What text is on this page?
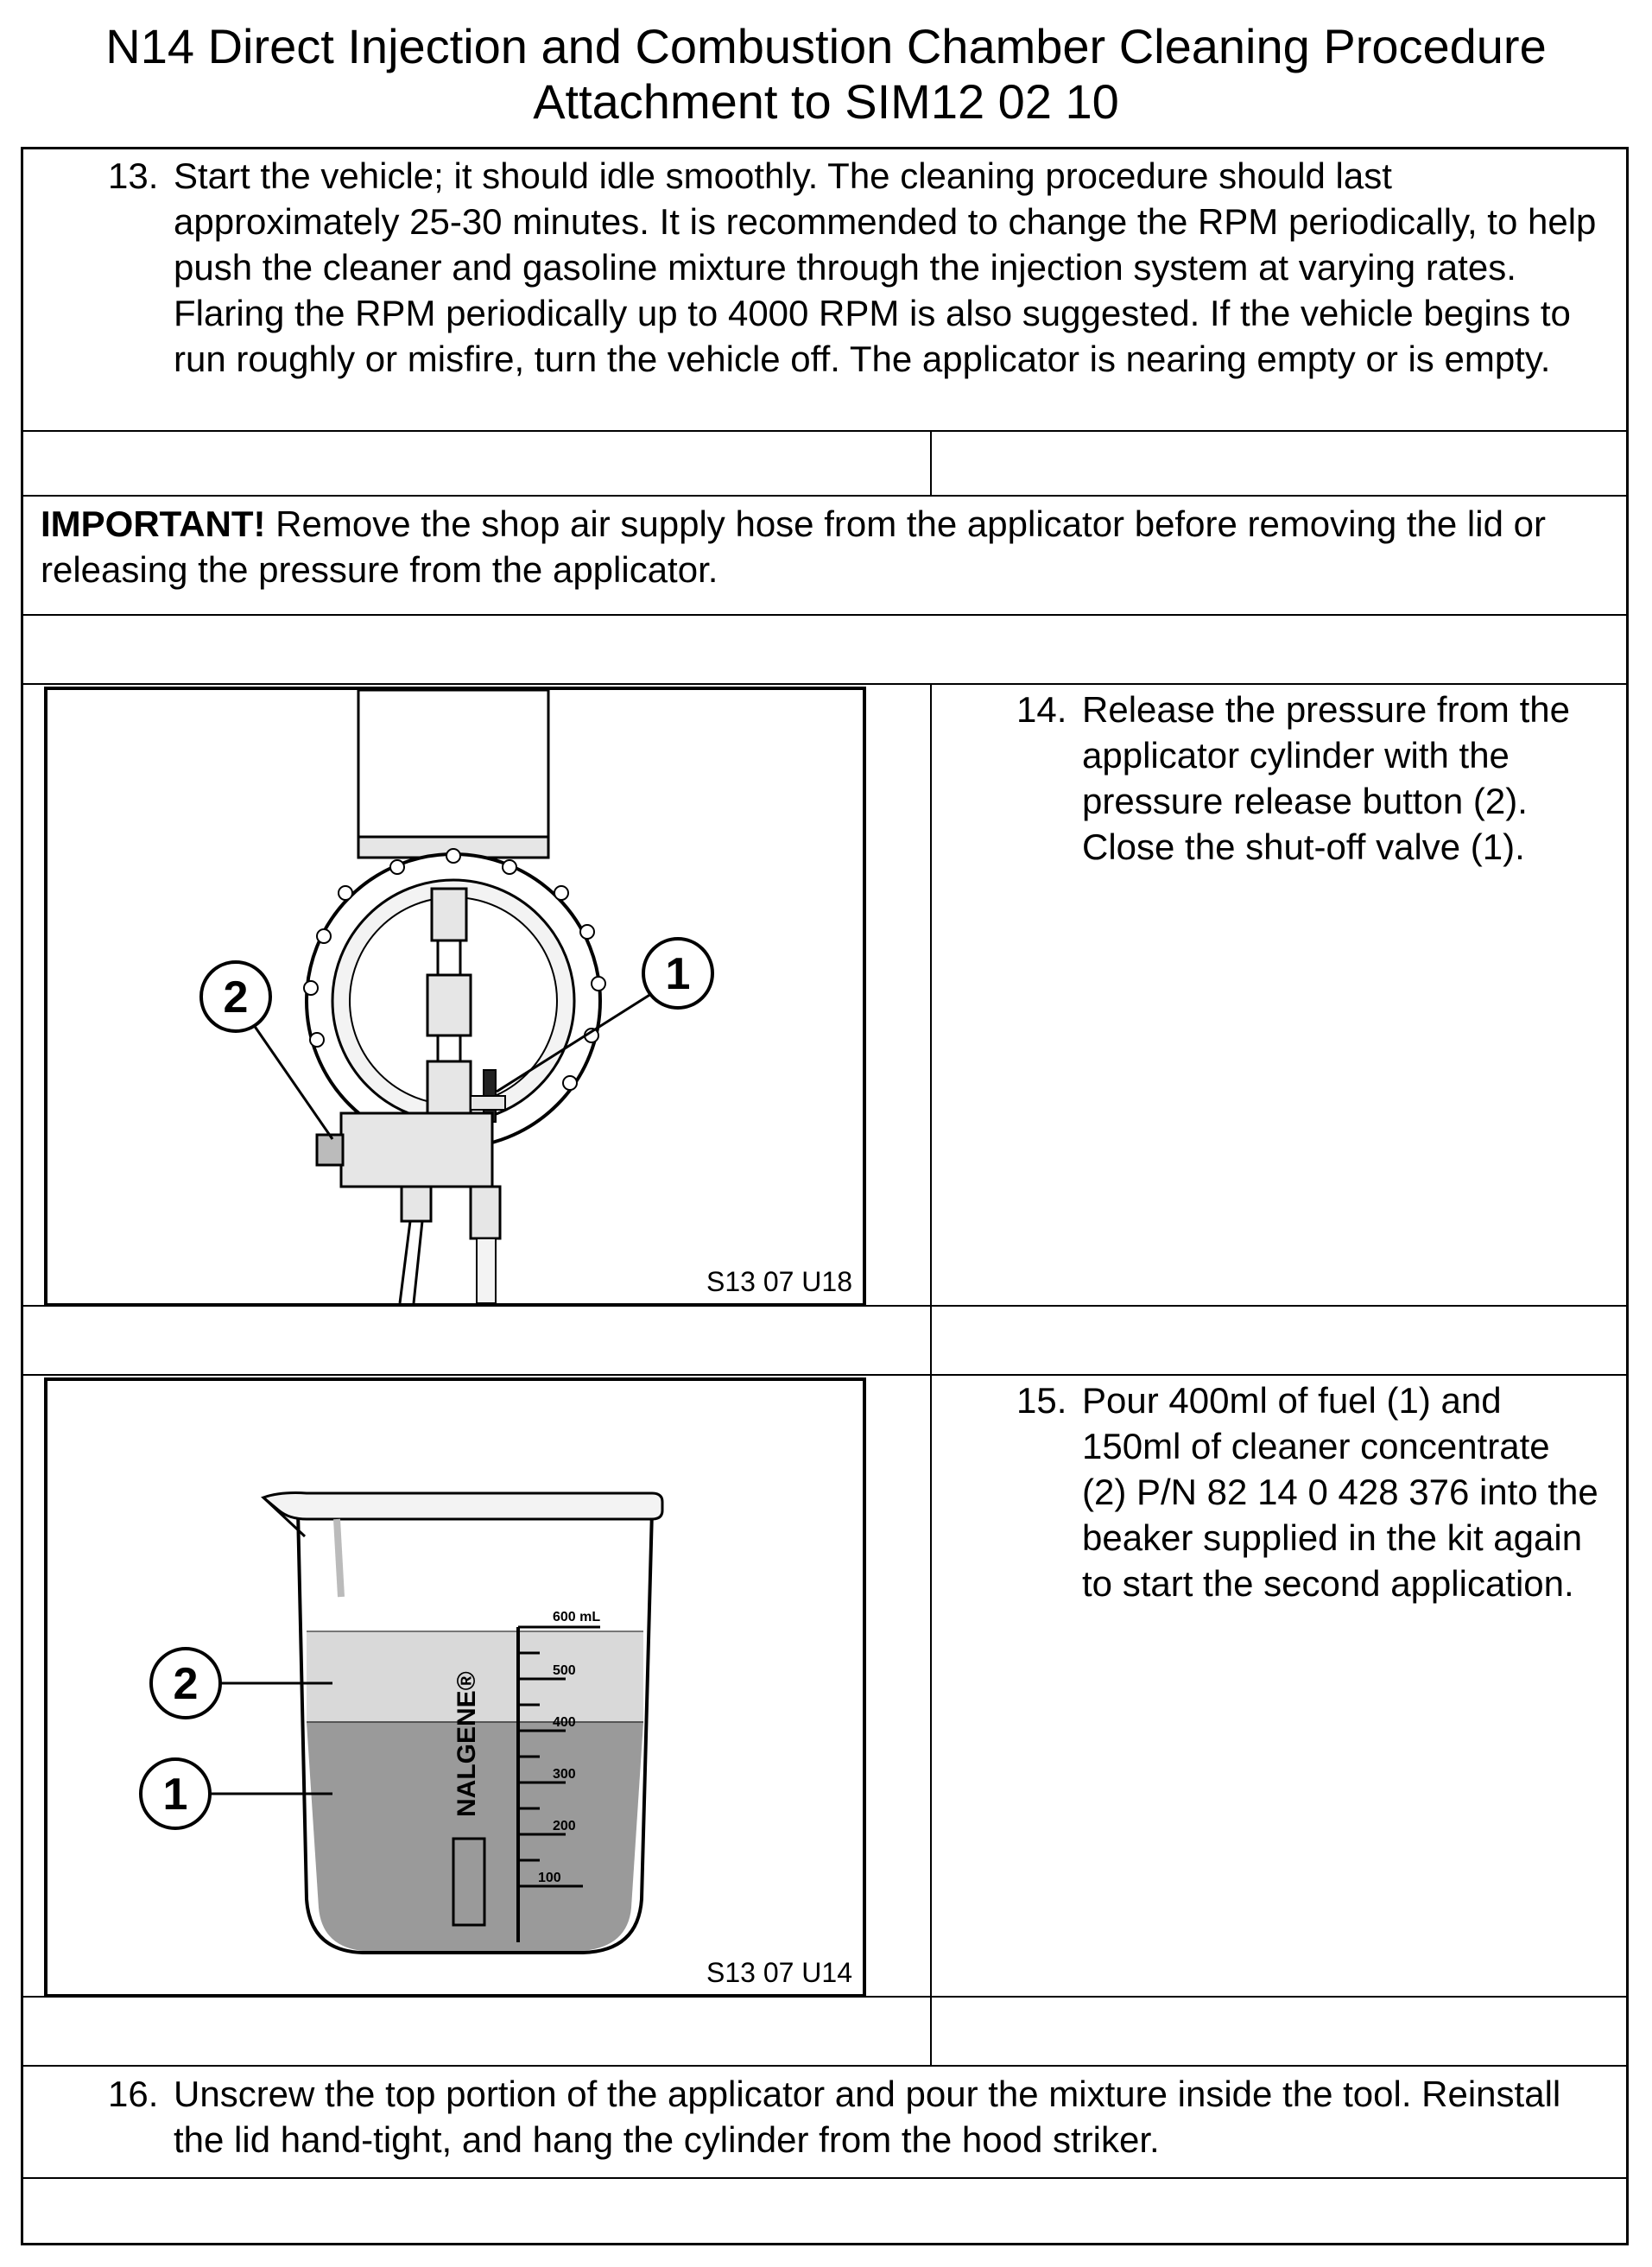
N14 Direct Injection and Combustion Chamber Cleaning Procedure
Attachment to SIM12 02 10
13. Start the vehicle; it should idle smoothly. The cleaning procedure should last approximately 25-30 minutes. It is recommended to change the RPM periodically, to help push the cleaner and gasoline mixture through the injection system at varying rates. Flaring the RPM periodically up to 4000 RPM is also suggested. If the vehicle begins to run roughly or misfire, turn the vehicle off. The applicator is nearing empty or is empty.
IMPORTANT! Remove the shop air supply hose from the applicator before removing the lid or releasing the pressure from the applicator.
2	1
S13 07 U18
14. Release the pressure from the applicator cylinder with the pressure release button (2). Close the shut-off valve (1).
NALGENE®
600 mL
500
400
300
200
100
2
1
S13 07 U14
15. Pour 400ml of fuel (1) and 150ml of cleaner concentrate (2) P/N 82 14 0 428 376 into the beaker supplied in the kit again to start the second application.
16. Unscrew the top portion of the applicator and pour the mixture inside the tool. Reinstall the lid hand-tight, and hang the cylinder from the hood striker.
